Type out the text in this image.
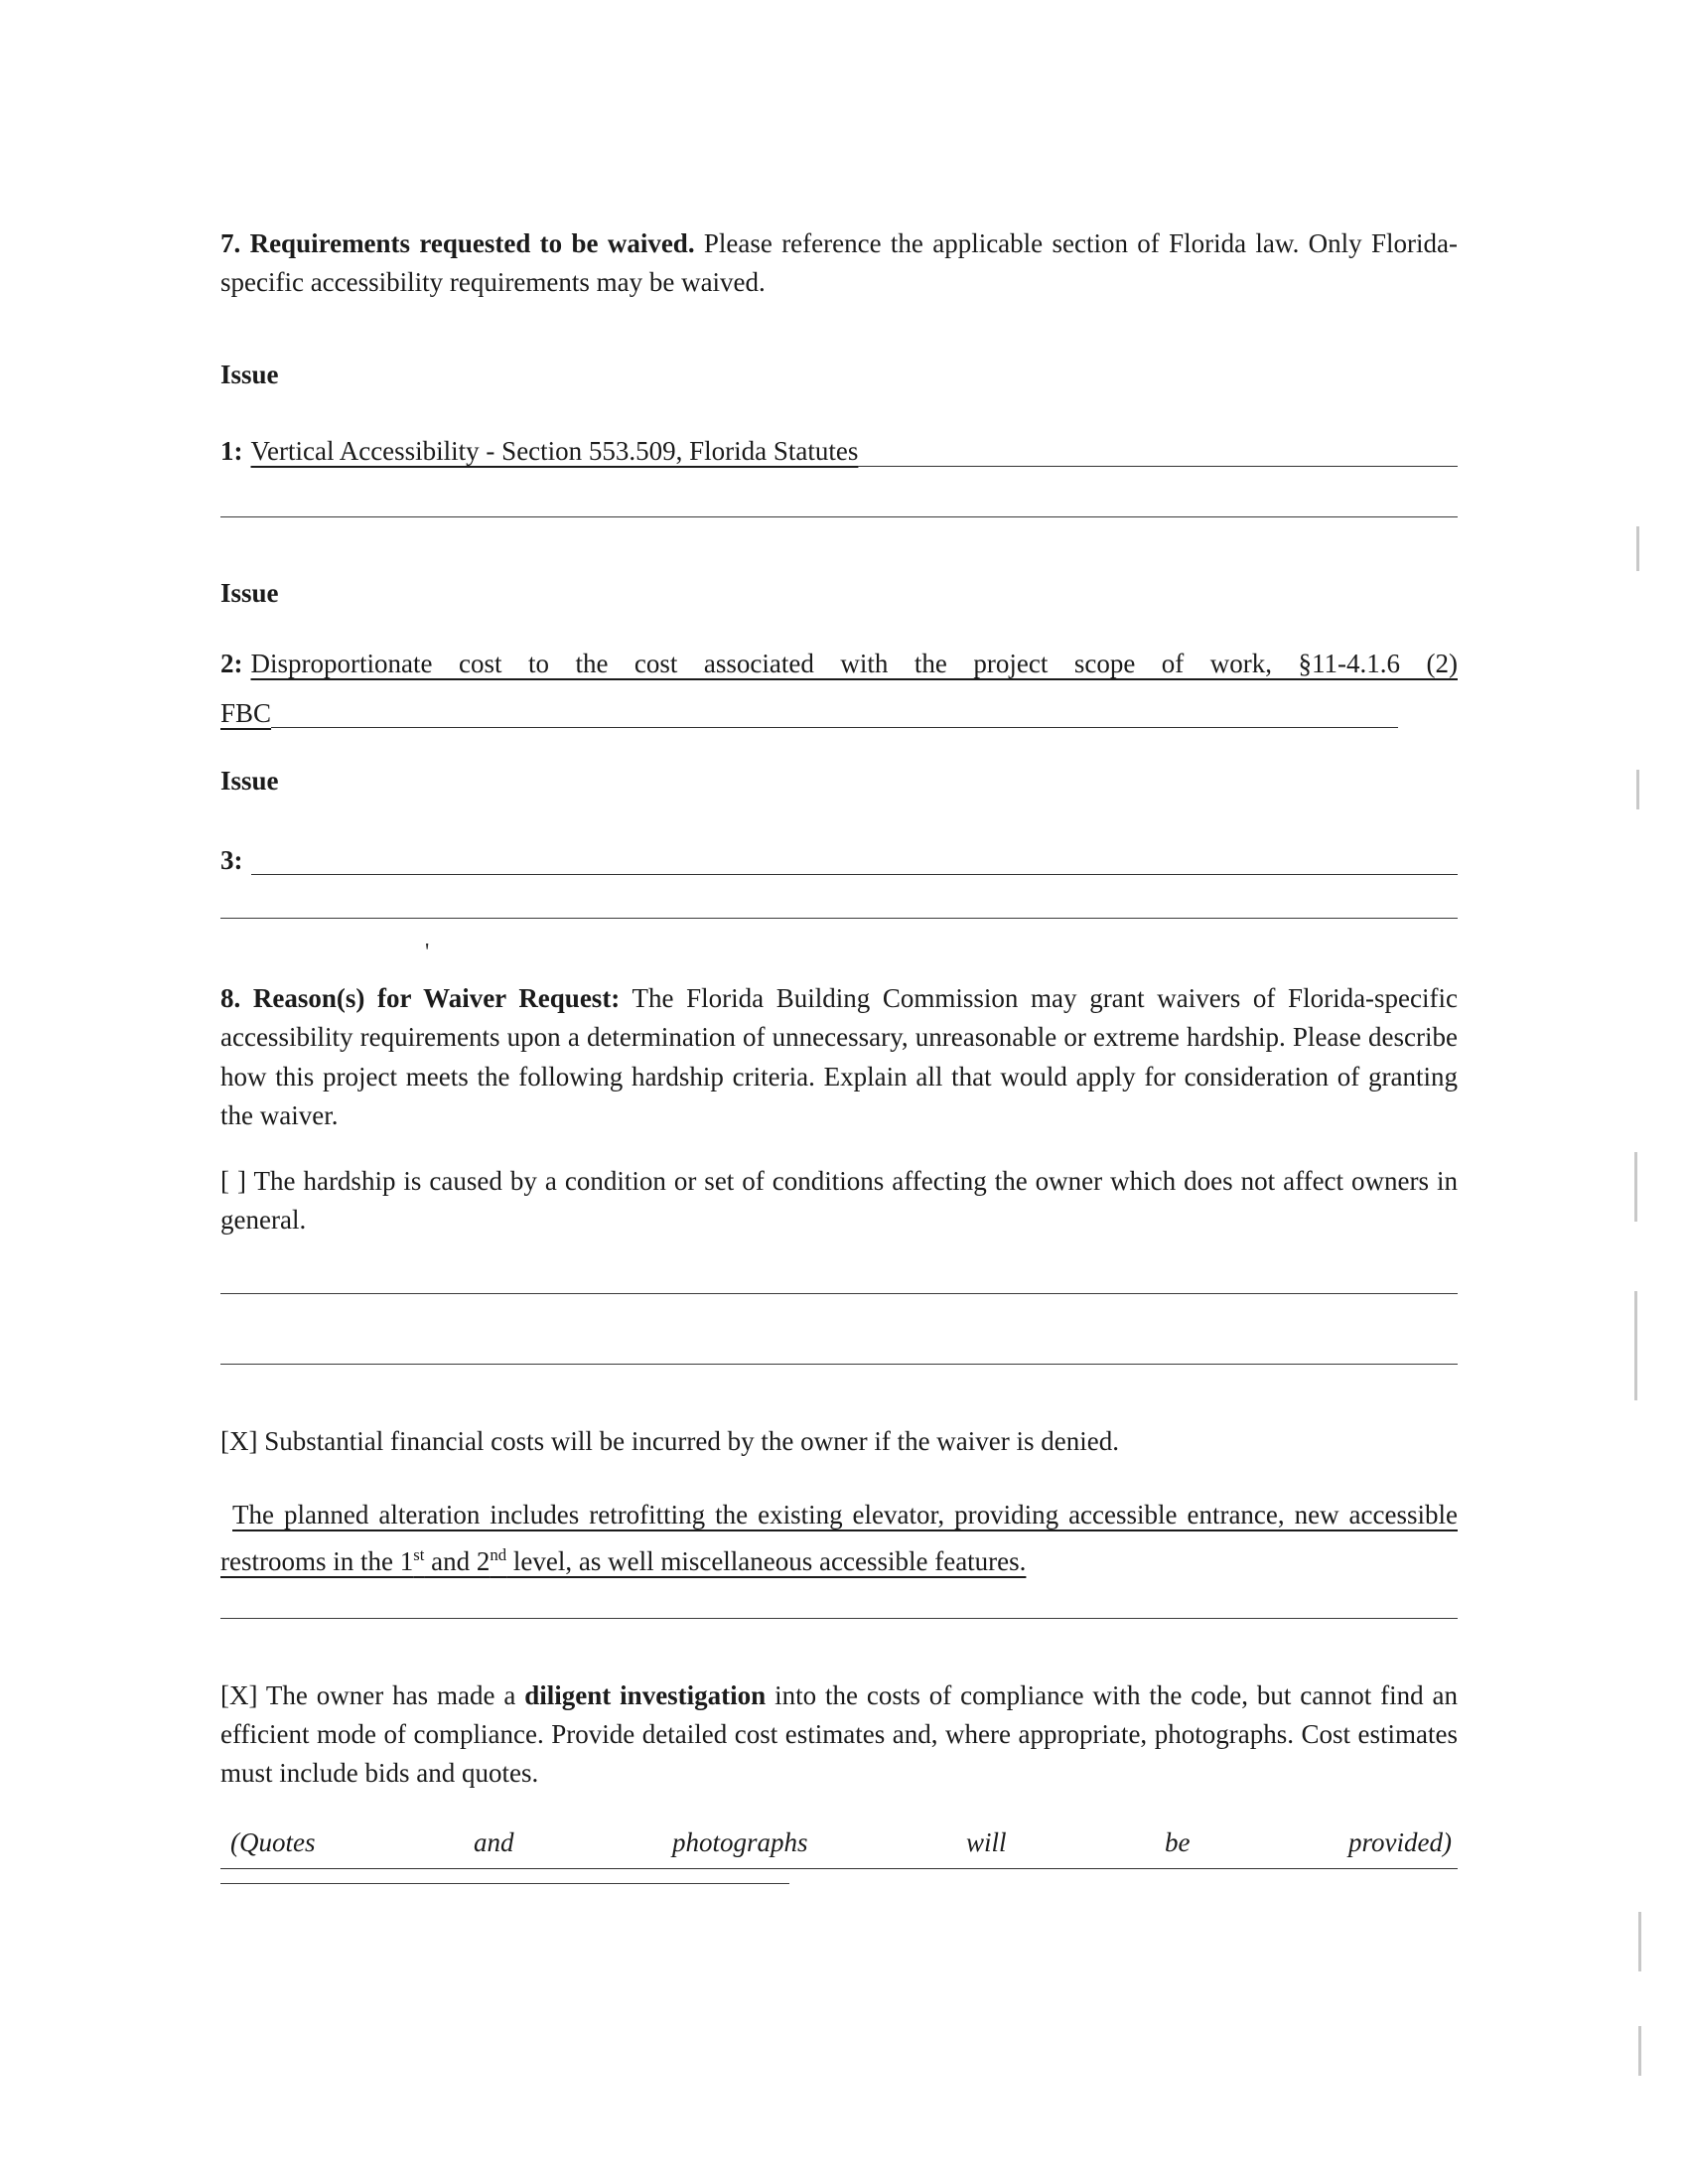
7. Requirements requested to be waived. Please reference the applicable section of Florida law. Only Florida-specific accessibility requirements may be waived.

Issue

1: Vertical Accessibility - Section 553.509, Florida Statutes

Issue

2: Disproportionate cost to the cost associated with the project scope of work, §11-4.1.6 (2)
FBC

Issue

3:

8. Reason(s) for Waiver Request: The Florida Building Commission may grant waivers of Florida-specific accessibility requirements upon a determination of unnecessary, unreasonable or extreme hardship. Please describe how this project meets the following hardship criteria. Explain all that would apply for consideration of granting the waiver.

[ ] The hardship is caused by a condition or set of conditions affecting the owner which does not affect owners in general.

[X] Substantial financial costs will be incurred by the owner if the waiver is denied.

The planned alteration includes retrofitting the existing elevator, providing accessible entrance, new accessible restrooms in the 1st and 2nd level, as well miscellaneous accessible features.

[X] The owner has made a diligent investigation into the costs of compliance with the code, but cannot find an efficient mode of compliance. Provide detailed cost estimates and, where appropriate, photographs. Cost estimates must include bids and quotes.

(Quotes	and	photographs	will	be	provided)
'
